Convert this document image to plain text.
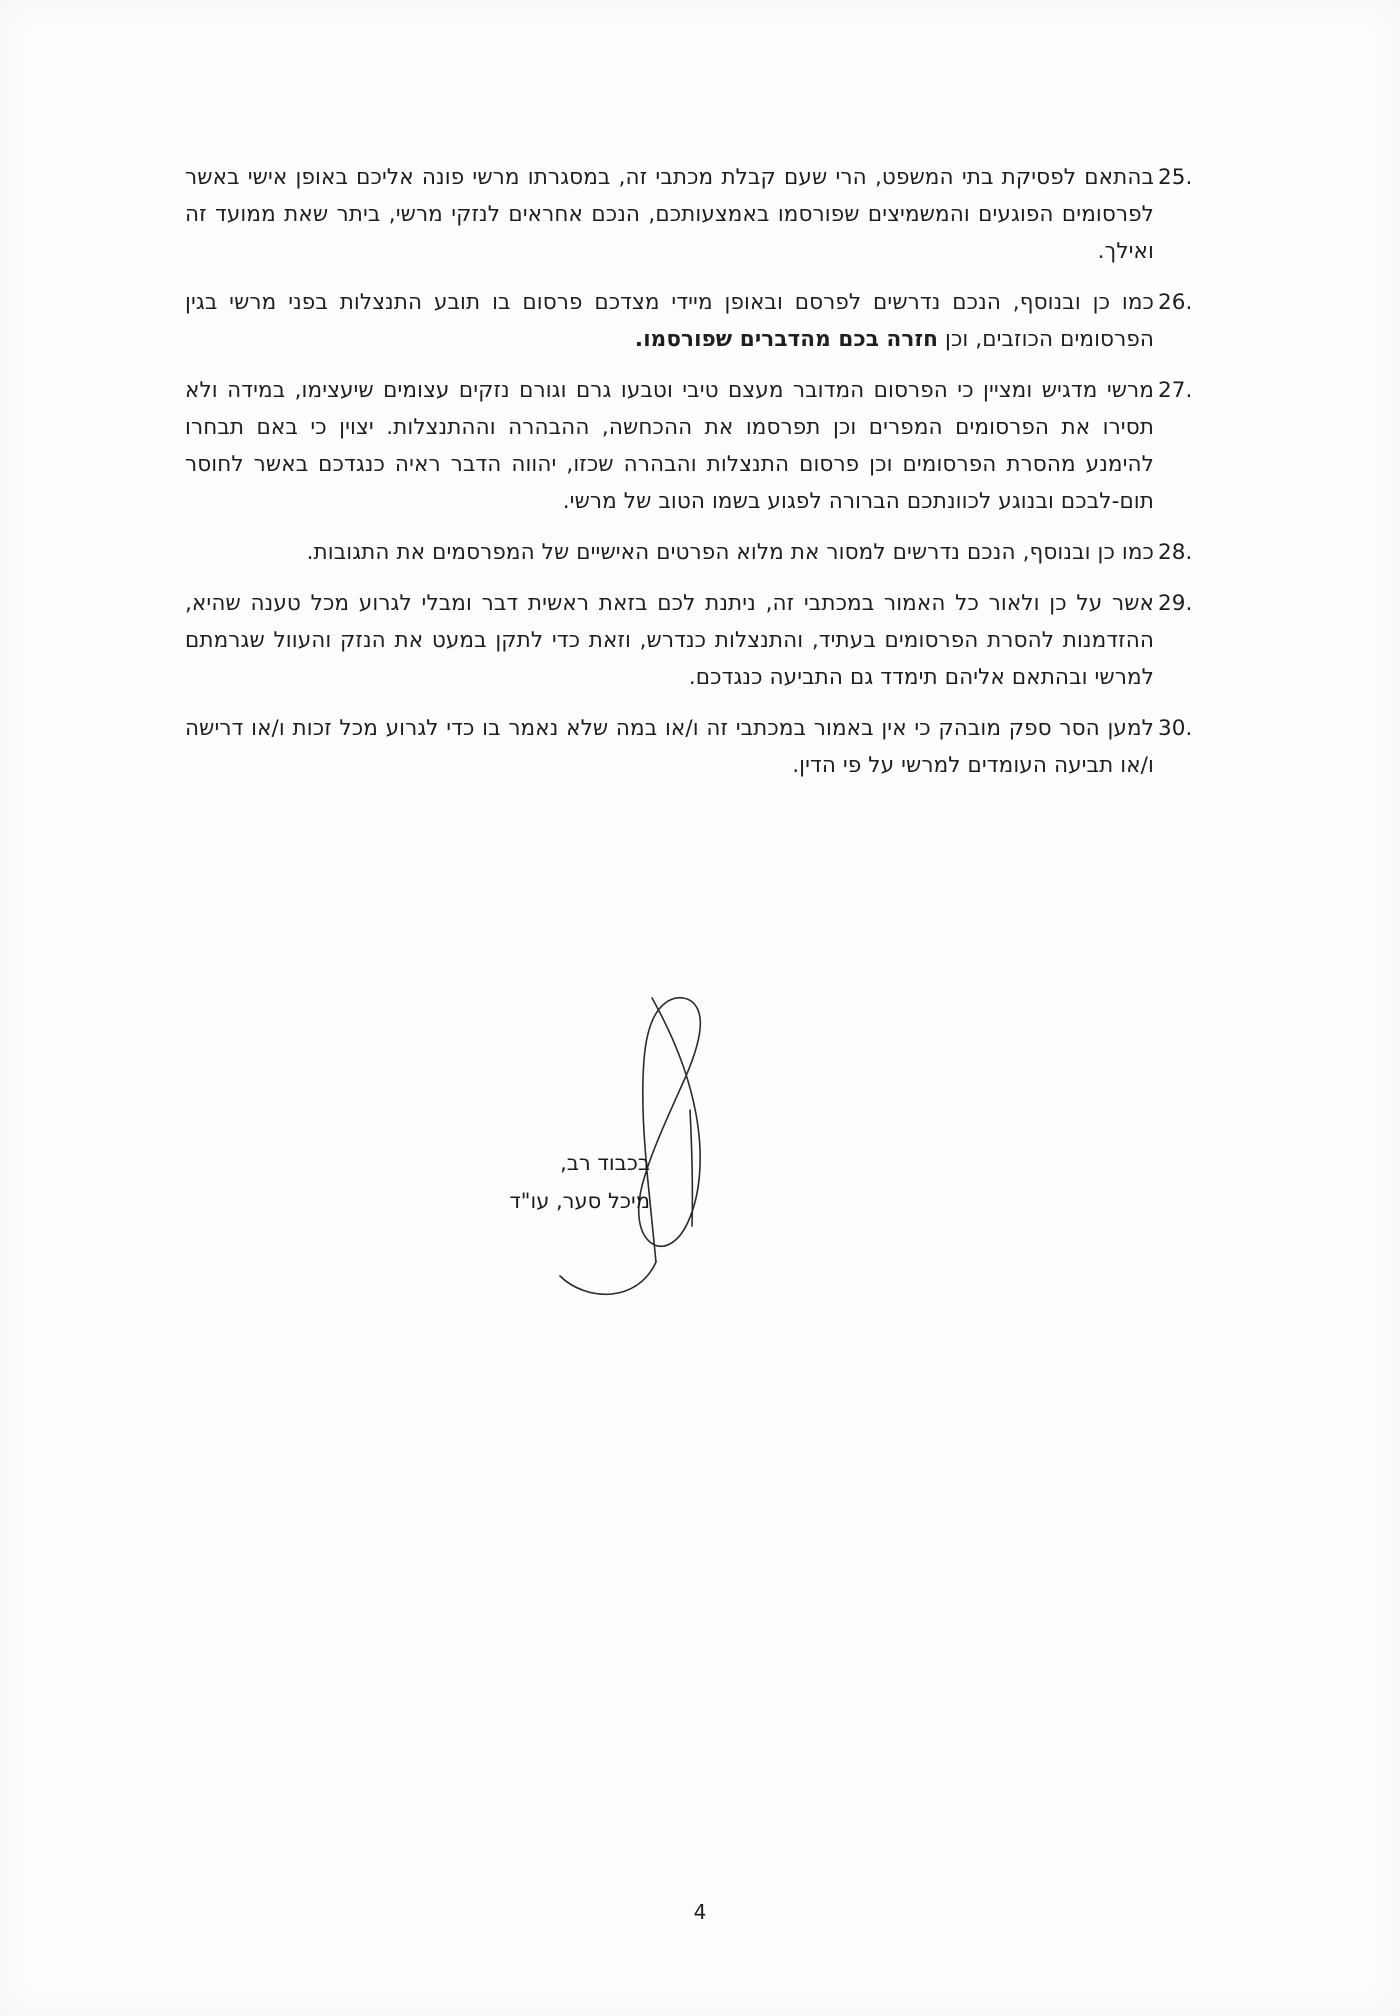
25.
בהתאם לפסיקת בתי המשפט, הרי שעם קבלת מכתבי זה, במסגרתו מרשי פונה אליכם באופן אישי באשר לפרסומים הפוגעים והמשמיצים שפורסמו באמצעותכם, הנכם אחראים לנזקי מרשי, ביתר שאת ממועד זה ואילך.
26.
כמו כן ובנוסף, הנכם נדרשים לפרסם ובאופן מיידי מצדכם פרסום בו תובע התנצלות בפני מרשי בגין הפרסומים הכוזבים, וכן חזרה בכם מהדברים שפורסמו.
27.
מרשי מדגיש ומציין כי הפרסום המדובר מעצם טיבי וטבעו גרם וגורם נזקים עצומים שיעצימו, במידה ולא תסירו את הפרסומים המפרים וכן תפרסמו את ההכחשה, ההבהרה וההתנצלות. יצוין כי באם תבחרו להימנע מהסרת הפרסומים וכן פרסום התנצלות והבהרה שכזו, יהווה הדבר ראיה כנגדכם באשר לחוסר תום-לבכם ובנוגע לכוונתכם הברורה לפגוע בשמו הטוב של מרשי.
28.
כמו כן ובנוסף, הנכם נדרשים למסור את מלוא הפרטים האישיים של המפרסמים את התגובות.
29.
אשר על כן ולאור כל האמור במכתבי זה, ניתנת לכם בזאת ראשית דבר ומבלי לגרוע מכל טענה שהיא, ההזדמנות להסרת הפרסומים בעתיד, והתנצלות כנדרש, וזאת כדי לתקן במעט את הנזק והעוול שגרמתם למרשי ובהתאם אליהם תימדד גם התביעה כנגדכם.
30.
למען הסר ספק מובהק כי אין באמור במכתבי זה ו/או במה שלא נאמר בו כדי לגרוע מכל זכות ו/או דרישה ו/או תביעה העומדים למרשי על פי הדין.
בכבוד רב,
מיכל סער, עו"ד
4
